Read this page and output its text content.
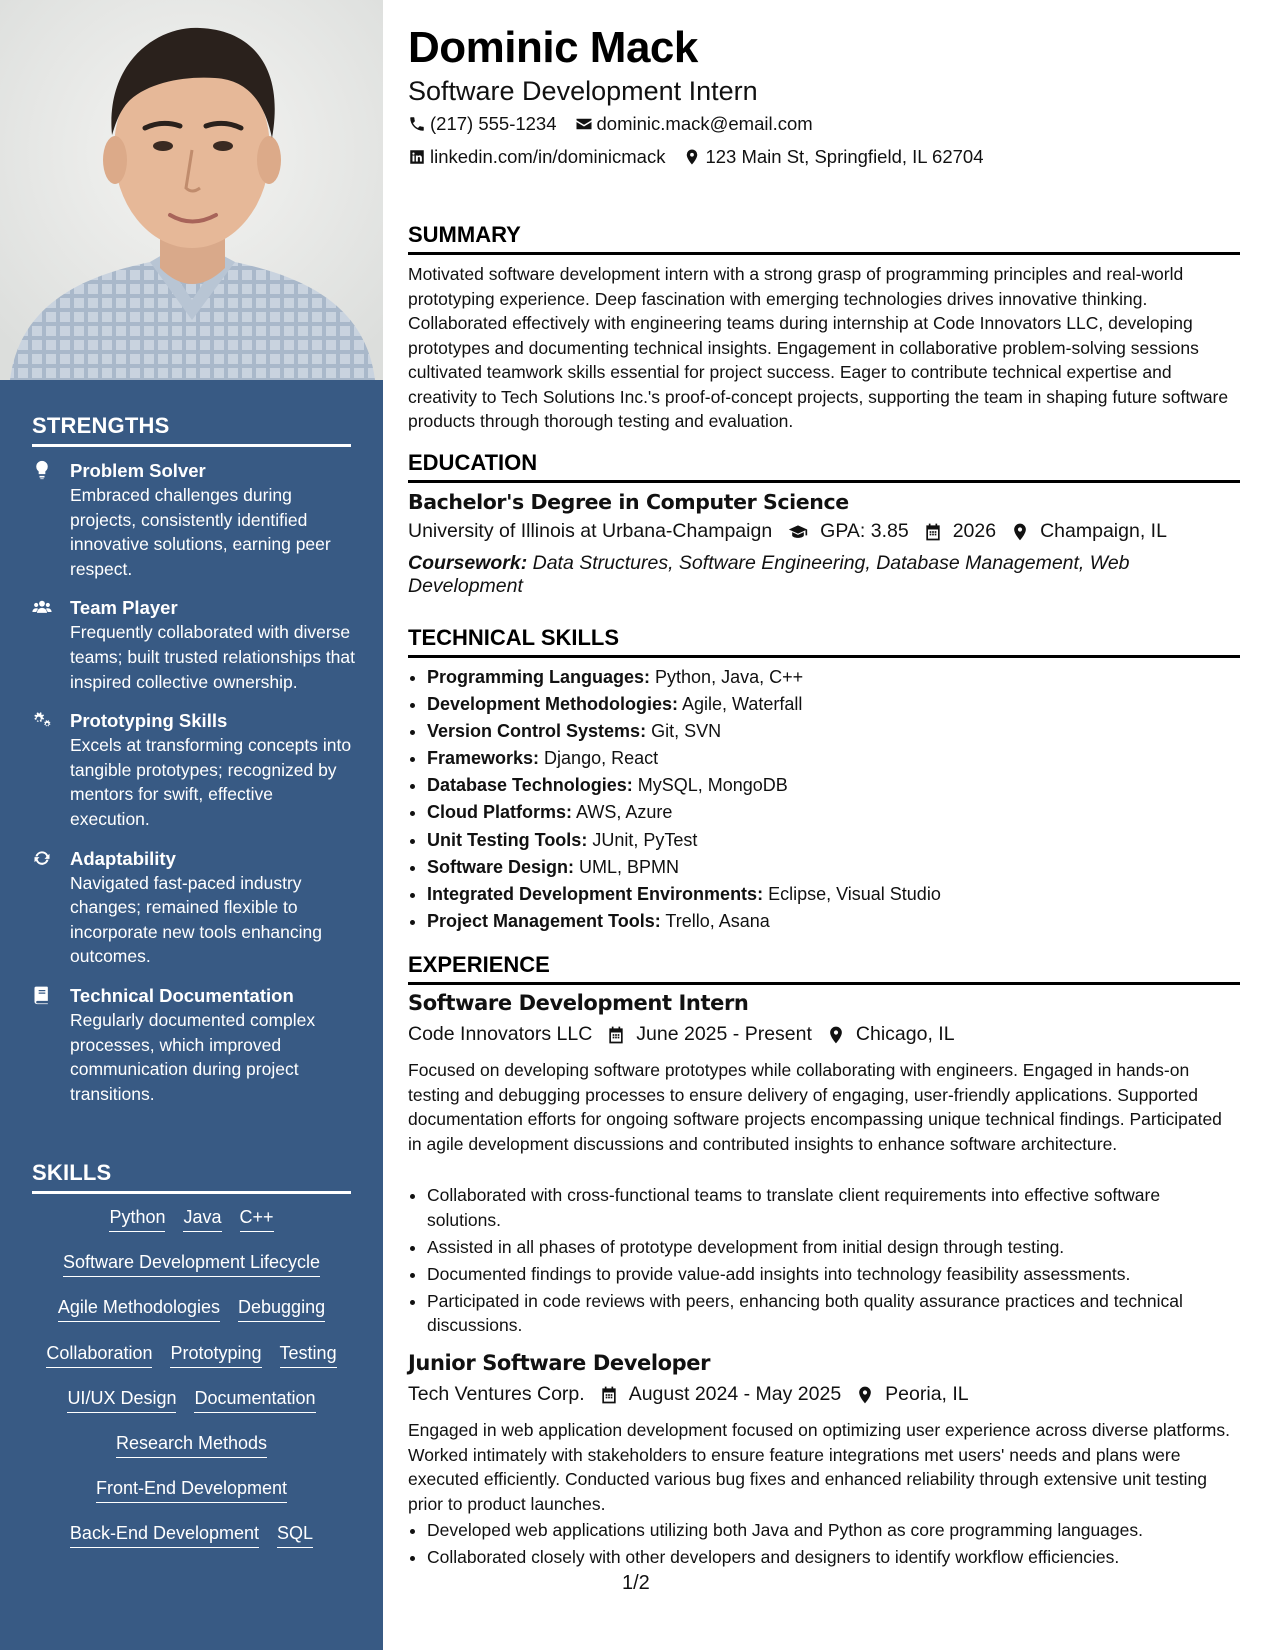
STRENGTHS
Problem Solver
Embraced challenges during projects, consistently identified innovative solutions, earning peer respect.
Team Player
Frequently collaborated with diverse teams; built trusted relationships that inspired collective ownership.
Prototyping Skills
Excels at transforming concepts into tangible prototypes; recognized by mentors for swift, effective execution.
Adaptability
Navigated fast-paced industry changes; remained flexible to incorporate new tools enhancing outcomes.
Technical Documentation
Regularly documented complex processes, which improved communication during project transitions.
SKILLS
Python Java C++
Software Development Lifecycle
Agile Methodologies Debugging
Collaboration Prototyping Testing
UI/UX Design Documentation
Research Methods
Front-End Development
Back-End Development SQL
Dominic Mack
Software Development Intern
(217) 555-1234 dominic.mack@email.com
linkedin.com/in/dominicmack 123 Main St, Springfield, IL 62704
SUMMARY
Motivated software development intern with a strong grasp of programming principles and real-world prototyping experience. Deep fascination with emerging technologies drives innovative thinking. Collaborated effectively with engineering teams during internship at Code Innovators LLC, developing prototypes and documenting technical insights. Engagement in collaborative problem-solving sessions cultivated teamwork skills essential for project success. Eager to contribute technical expertise and creativity to Tech Solutions Inc.'s proof-of-concept projects, supporting the team in shaping future software products through thorough testing and evaluation.
EDUCATION
Bachelor's Degree in Computer Science
University of Illinois at Urbana-Champaign GPA: 3.85 2026 Champaign, IL
Coursework: Data Structures, Software Engineering, Database Management, Web Development
TECHNICAL SKILLS
• Programming Languages: Python, Java, C++
• Development Methodologies: Agile, Waterfall
• Version Control Systems: Git, SVN
• Frameworks: Django, React
• Database Technologies: MySQL, MongoDB
• Cloud Platforms: AWS, Azure
• Unit Testing Tools: JUnit, PyTest
• Software Design: UML, BPMN
• Integrated Development Environments: Eclipse, Visual Studio
• Project Management Tools: Trello, Asana
EXPERIENCE
Software Development Intern
Code Innovators LLC June 2025 - Present Chicago, IL
Focused on developing software prototypes while collaborating with engineers. Engaged in hands-on testing and debugging processes to ensure delivery of engaging, user-friendly applications. Supported documentation efforts for ongoing software projects encompassing unique technical findings. Participated in agile development discussions and contributed insights to enhance software architecture.
• Collaborated with cross-functional teams to translate client requirements into effective software solutions.
• Assisted in all phases of prototype development from initial design through testing.
• Documented findings to provide value-add insights into technology feasibility assessments.
• Participated in code reviews with peers, enhancing both quality assurance practices and technical discussions.
Junior Software Developer
Tech Ventures Corp. August 2024 - May 2025 Peoria, IL
Engaged in web application development focused on optimizing user experience across diverse platforms. Worked intimately with stakeholders to ensure feature integrations met users' needs and plans were executed efficiently. Conducted various bug fixes and enhanced reliability through extensive unit testing prior to product launches.
• Developed web applications utilizing both Java and Python as core programming languages.
• Collaborated closely with other developers and designers to identify workflow efficiencies.
1/2
